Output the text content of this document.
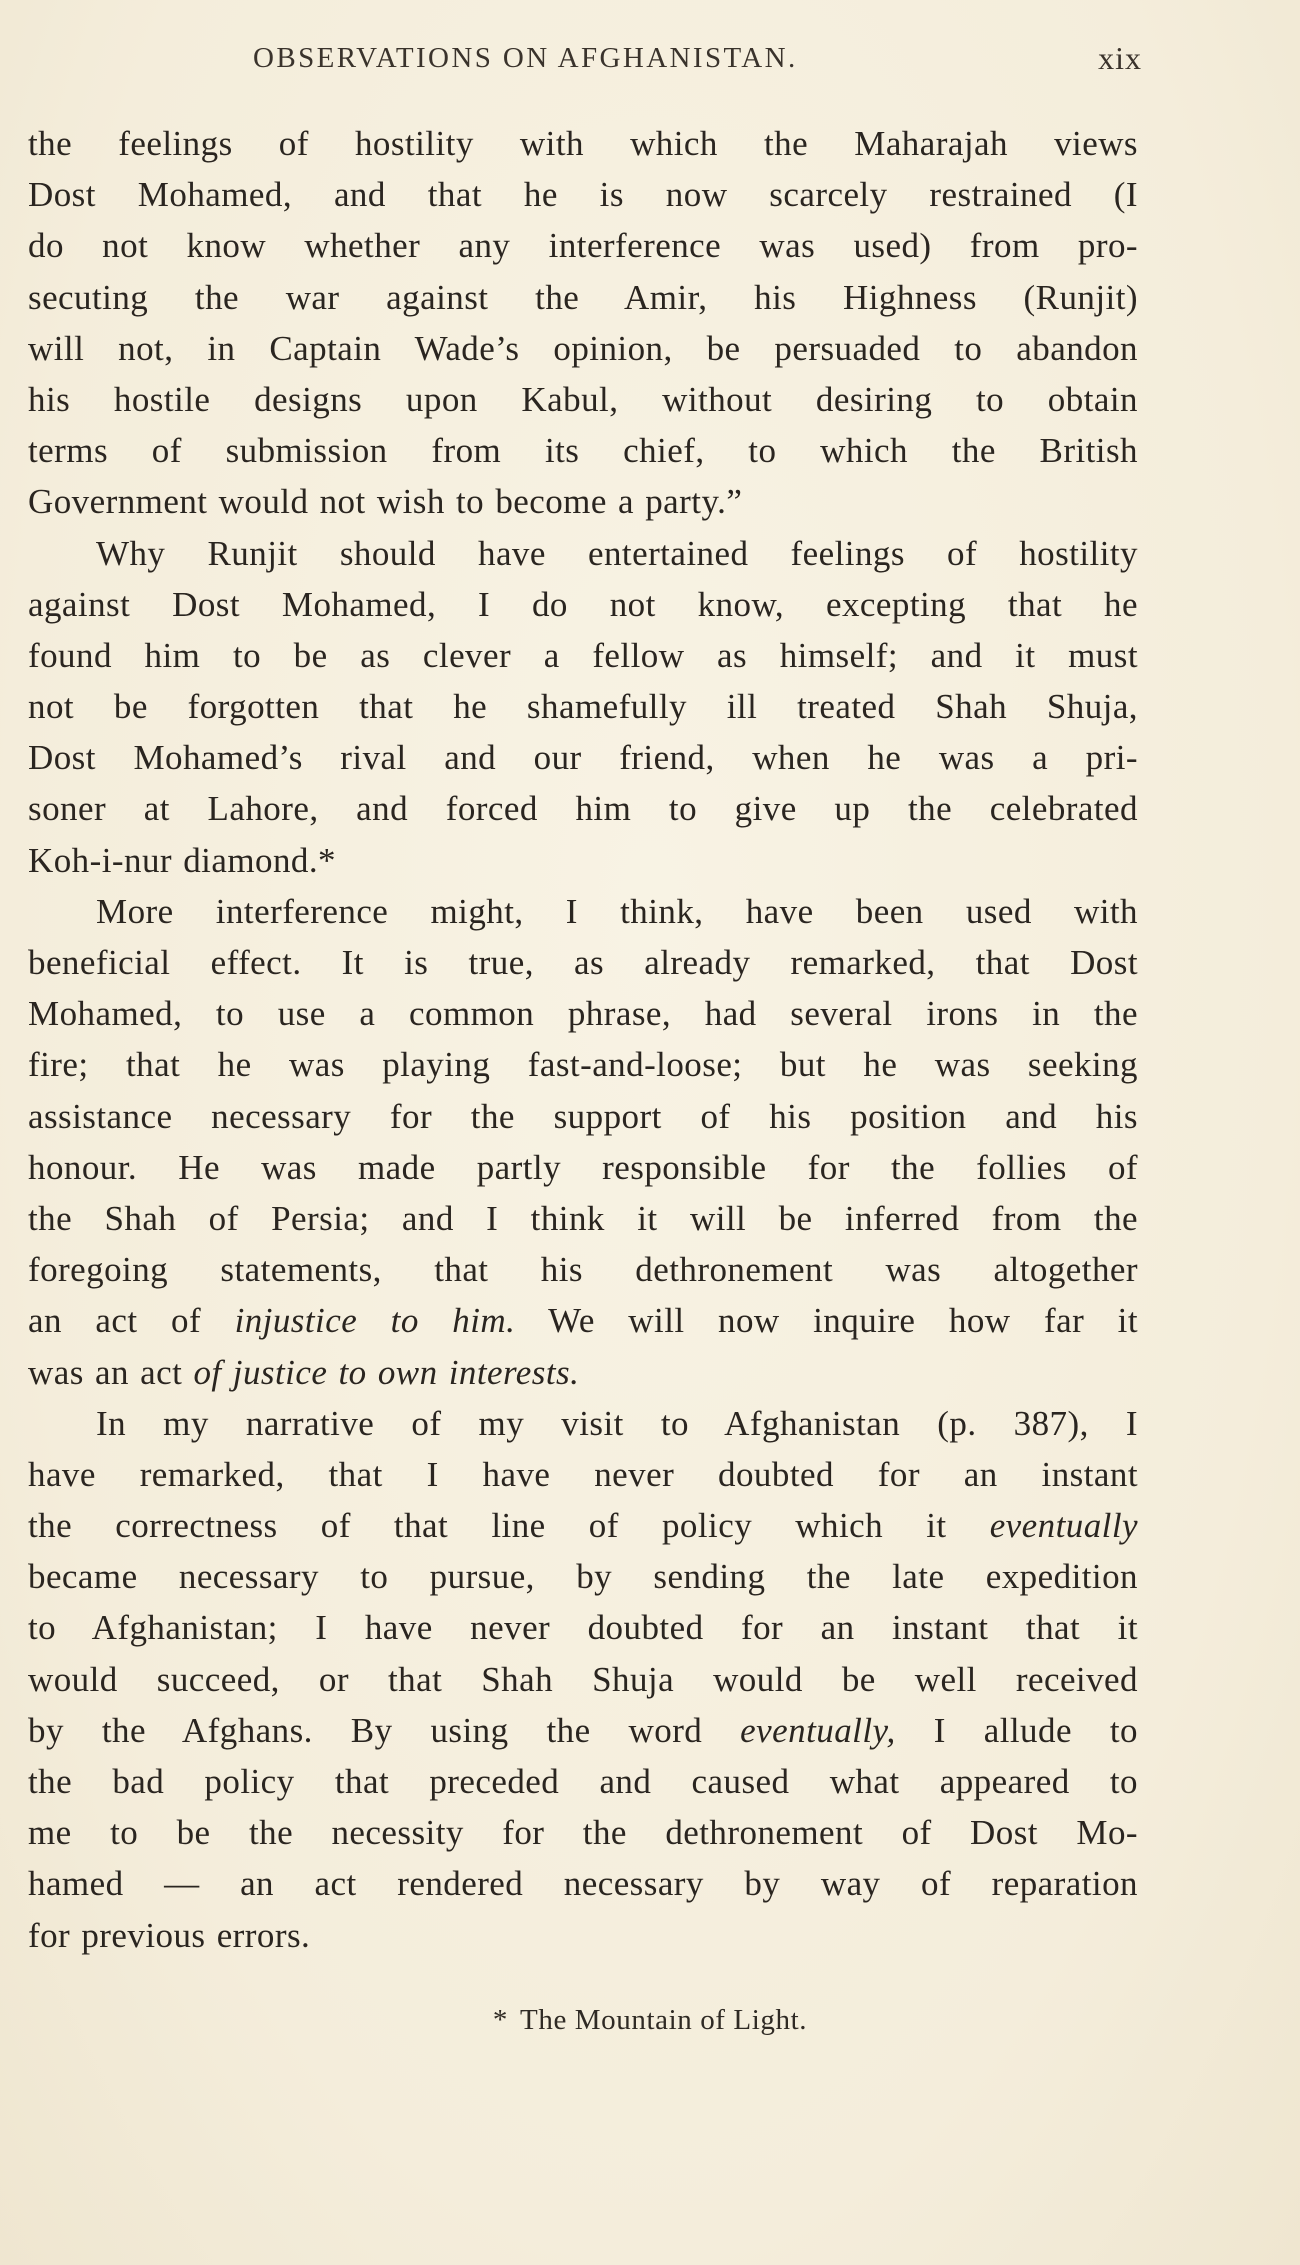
OBSERVATIONS ON AFGHANISTAN.	xix
the feelings of hostility with which the Maharajah views
Dost Mohamed, and that he is now scarcely restrained (I
do not know whether any interference was used) from pro-
secuting the war against the Amir, his Highness (Runjit)
will not, in Captain Wade’s opinion, be persuaded to abandon
his hostile designs upon Kabul, without desiring to obtain
terms of submission from its chief, to which the British
Government would not wish to become a party.”
Why Runjit should have entertained feelings of hostility
against Dost Mohamed, I do not know, excepting that he
found him to be as clever a fellow as himself; and it must
not be forgotten that he shamefully ill treated Shah Shuja,
Dost Mohamed’s rival and our friend, when he was a pri-
soner at Lahore, and forced him to give up the celebrated
Koh-i-nur diamond.*
More interference might, I think, have been used with
beneficial effect. It is true, as already remarked, that Dost
Mohamed, to use a common phrase, had several irons in the
fire; that he was playing fast-and-loose; but he was seeking
assistance necessary for the support of his position and his
honour. He was made partly responsible for the follies of
the Shah of Persia; and I think it will be inferred from the
foregoing statements, that his dethronement was altogether
an act of injustice to him. We will now inquire how far it
was an act of justice to own interests.
In my narrative of my visit to Afghanistan (p. 387), I
have remarked, that I have never doubted for an instant
the correctness of that line of policy which it eventually
became necessary to pursue, by sending the late expedition
to Afghanistan; I have never doubted for an instant that it
would succeed, or that Shah Shuja would be well received
by the Afghans. By using the word eventually, I allude to
the bad policy that preceded and caused what appeared to
me to be the necessity for the dethronement of Dost Mo-
hamed — an act rendered necessary by way of reparation
for previous errors.
* The Mountain of Light.
